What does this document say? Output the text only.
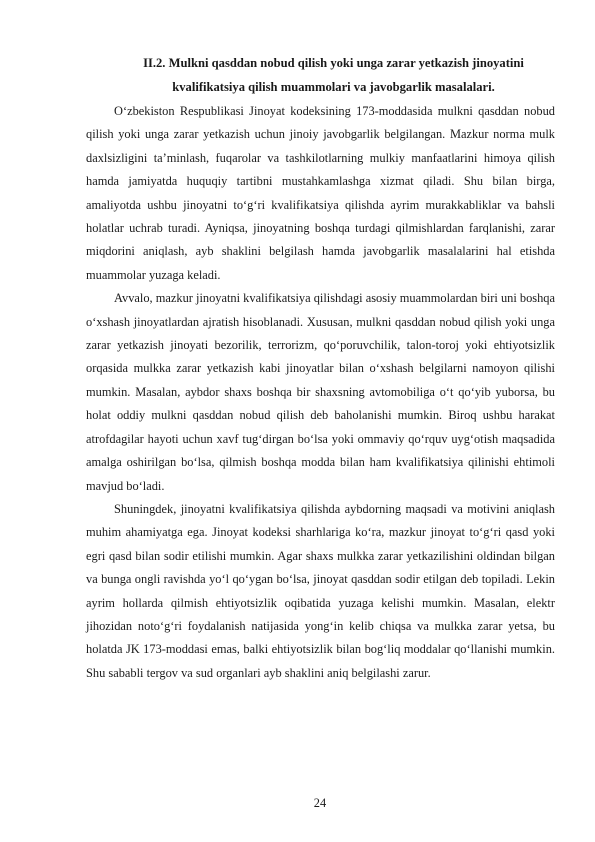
II.2. Mulkni qasddan nobud qilish yoki unga zarar yetkazish jinoyatini kvalifikatsiya qilish muammolari va javobgarlik masalalari.

O‘zbekiston Respublikasi Jinoyat kodeksining 173-moddasida mulkni qasddan nobud qilish yoki unga zarar yetkazish uchun jinoiy javobgarlik belgilangan. Mazkur norma mulk daxlsizligini ta’minlash, fuqarolar va tashkilotlarning mulkiy manfaatlarini himoya qilish hamda jamiyatda huquqiy tartibni mustahkamlashga xizmat qiladi. Shu bilan birga, amaliyotda ushbu jinoyatni to‘g‘ri kvalifikatsiya qilishda ayrim murakkabliklar va bahsli holatlar uchrab turadi. Ayniqsa, jinoyatning boshqa turdagi qilmishlardan farqlanishi, zarar miqdorini aniqlash, ayb shaklini belgilash hamda javobgarlik masalalarini hal etishda muammolar yuzaga keladi.

Avvalo, mazkur jinoyatni kvalifikatsiya qilishdagi asosiy muammolardan biri uni boshqa o‘xshash jinoyatlardan ajratish hisoblanadi. Xususan, mulkni qasddan nobud qilish yoki unga zarar yetkazish jinoyati bezorilik, terrorizm, qo‘poruvchilik, talon-toroj yoki ehtiyotsizlik orqasida mulkka zarar yetkazish kabi jinoyatlar bilan o‘xshash belgilarni namoyon qilishi mumkin. Masalan, aybdor shaxs boshqa bir shaxsning avtomobiliga o‘t qo‘yib yuborsa, bu holat oddiy mulkni qasddan nobud qilish deb baholanishi mumkin. Biroq ushbu harakat atrofdagilar hayoti uchun xavf tug‘dirgan bo‘lsa yoki ommaviy qo‘rquv uyg‘otish maqsadida amalga oshirilgan bo‘lsa, qilmish boshqa modda bilan ham kvalifikatsiya qilinishi ehtimoli mavjud bo‘ladi.

Shuningdek, jinoyatni kvalifikatsiya qilishda aybdorning maqsadi va motivini aniqlash muhim ahamiyatga ega. Jinoyat kodeksi sharhlariga ko‘ra, mazkur jinoyat to‘g‘ri qasd yoki egri qasd bilan sodir etilishi mumkin. Agar shaxs mulkka zarar yetkazilishini oldindan bilgan va bunga ongli ravishda yo‘l qo‘ygan bo‘lsa, jinoyat qasddan sodir etilgan deb topiladi. Lekin ayrim hollarda qilmish ehtiyotsizlik oqibatida yuzaga kelishi mumkin. Masalan, elektr jihozidan noto‘g‘ri foydalanish natijasida yong‘in kelib chiqsa va mulkka zarar yetsa, bu holatda JK 173-moddasi emas, balki ehtiyotsizlik bilan bog‘liq moddalar qo‘llanishi mumkin. Shu sababli tergov va sud organlari ayb shaklini aniq belgilashi zarur.

24
